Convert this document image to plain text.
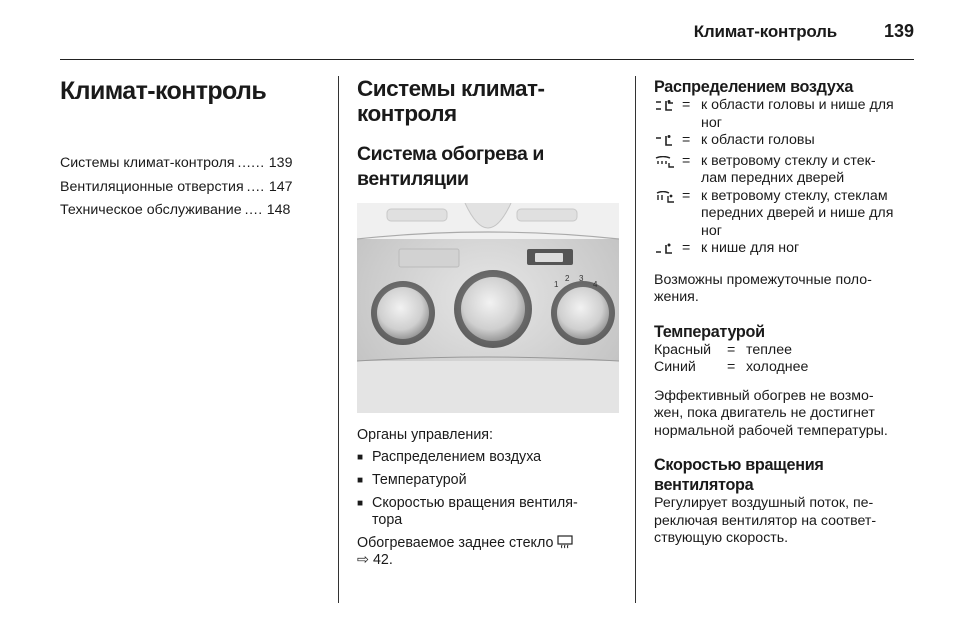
Климат-контроль	139
Климат-контроль
Системы климат-контроля ...... 139
Вентиляционные отверстия .... 147
Техническое обслуживание .... 148
Системы климат-
контроля
Система обогрева и
вентиляции
1
2 3
4
Органы управления:
■ Распределением воздуха
■ Температурой
■ Скоростью вращения вентиля-
тора
Обогреваемое заднее стекло
⇨ 42.
Распределением воздуха
= к области головы и нише для
ног
= к области головы
= к ветровому стеклу и стек-
лам передних дверей
= к ветровому стеклу, стеклам
передних дверей и нише для
ног
= к нише для ног

Возможны промежуточные поло-
жения.

Температурой
Красный	= теплее
Синий	= холоднее

Эффективный обогрев не возмо-
жен, пока двигатель не достигнет
нормальной рабочей температуры.

Скоростью вращения
вентилятора

Регулирует воздушный поток, пе-
реключая вентилятор на соответ-
ствующую скорость.
